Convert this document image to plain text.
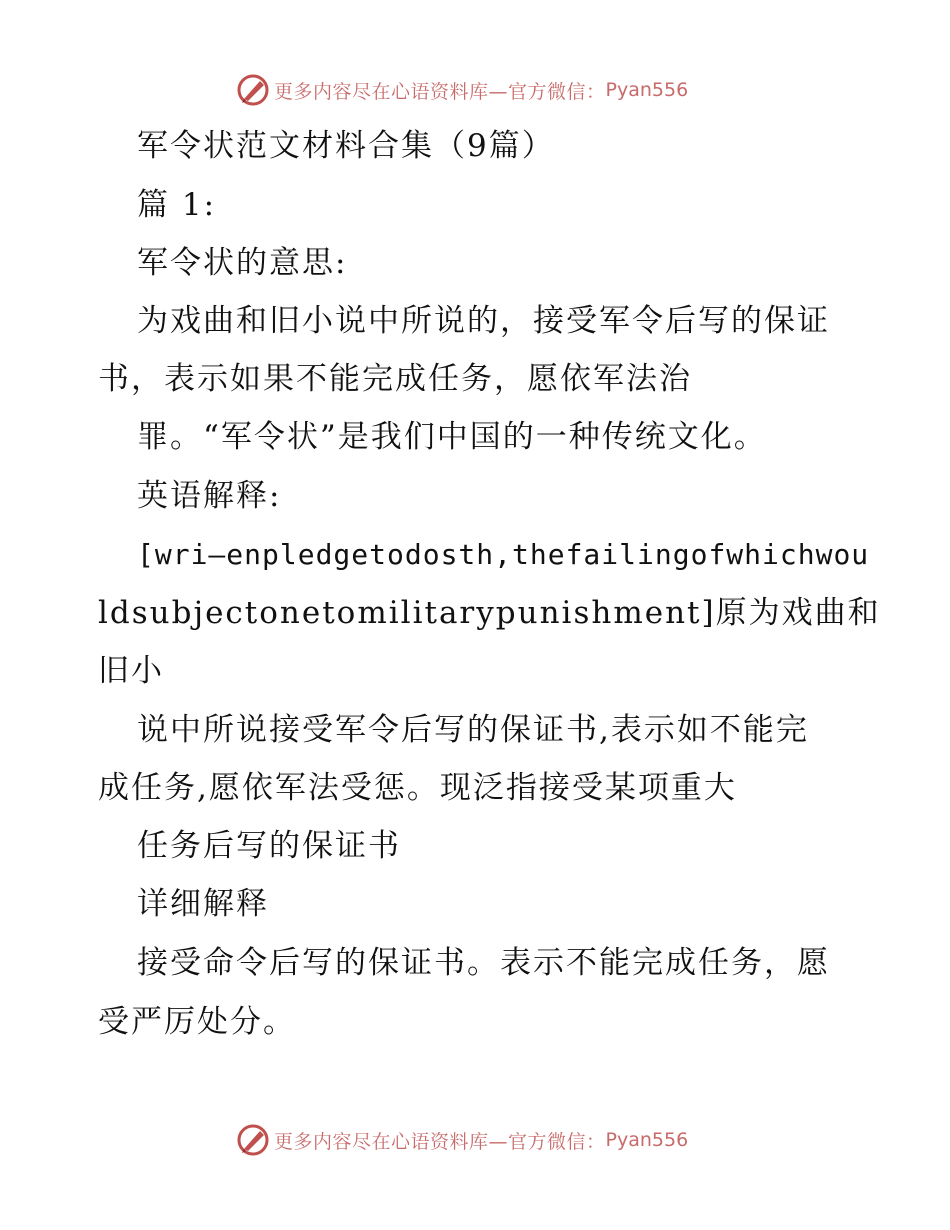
更多内容尽在心语资料库—官方微信： Pyan556
军令状范文材料合集（9篇）
篇 1:
军令状的意思:
为戏曲和旧小说中所说的，接受军令后写的保证
书，表示如果不能完成任务，愿依军法治
罪。“军令状”是我们中国的一种传统文化。
英语解释:
[wri—enpledgetodosth,thefailingofwhichwou
ldsubjectonetomilitarypunishment]原为戏曲和
旧小
说中所说接受军令后写的保证书,表示如不能完
成任务,愿依军法受惩。现泛指接受某项重大
任务后写的保证书
详细解释
接受命令后写的保证书。表示不能完成任务，愿
受严厉处分。
更多内容尽在心语资料库—官方微信： Pyan556
